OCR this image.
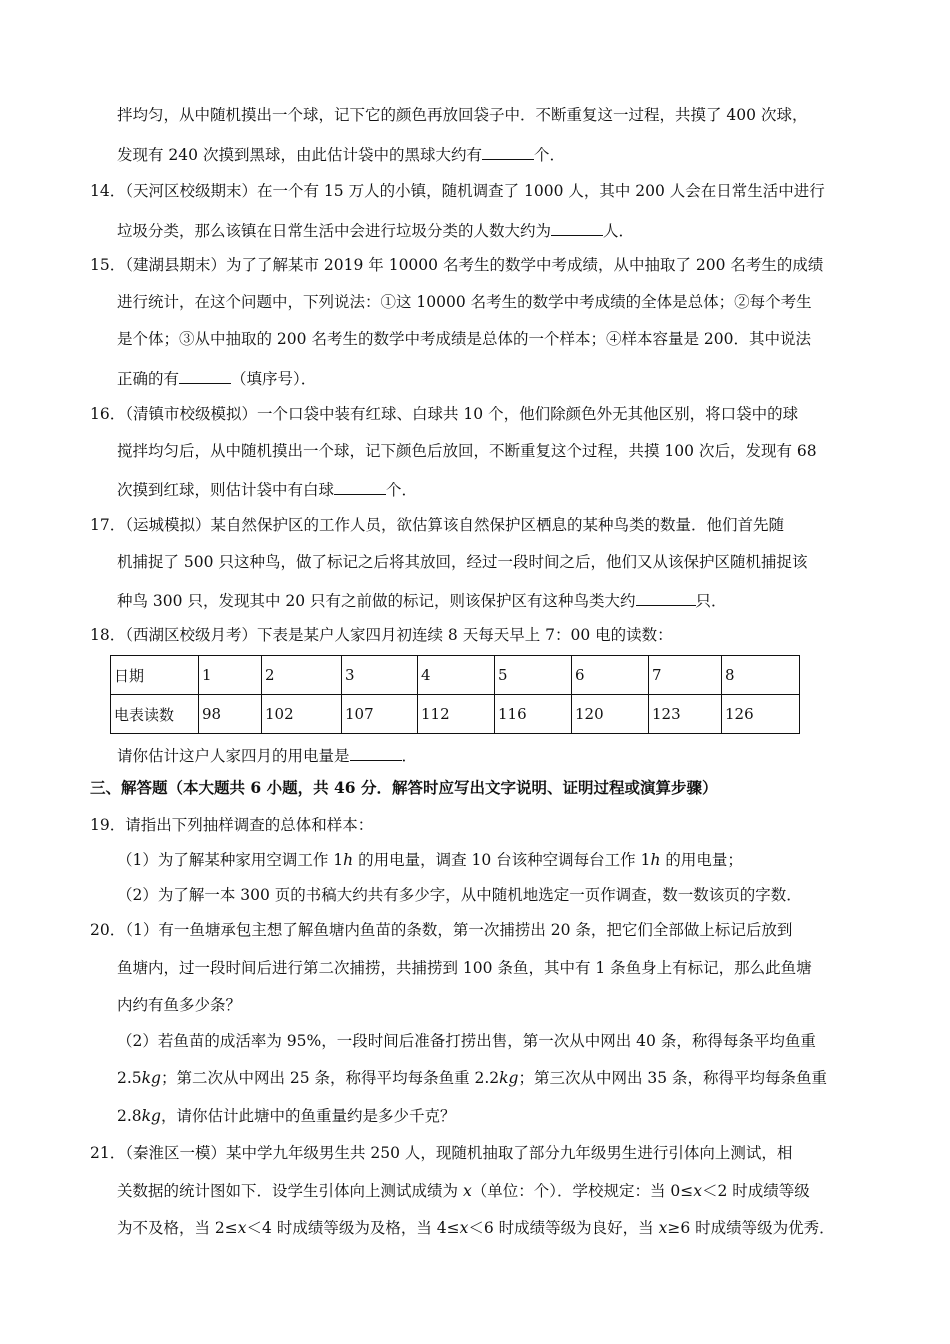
拌均匀，从中随机摸出一个球，记下它的颜色再放回袋子中．不断重复这一过程，共摸了 400 次球，
发现有 240 次摸到黑球，由此估计袋中的黑球大约有	个．
14．（天河区校级期末）在一个有 15 万人的小镇，随机调查了 1000 人，其中 200 人会在日常生活中进行
垃圾分类，那么该镇在日常生活中会进行垃圾分类的人数大约为	人．
15．（建湖县期末）为了了解某市 2019 年 10000 名考生的数学中考成绩，从中抽取了 200 名考生的成绩
进行统计，在这个问题中，下列说法：①这 10000 名考生的数学中考成绩的全体是总体；②每个考生
是个体；③从中抽取的 200 名考生的数学中考成绩是总体的一个样本；④样本容量是 200．其中说法
正确的有	（填序号）．
16．（清镇市校级模拟）一个口袋中装有红球、白球共 10 个，他们除颜色外无其他区别，将口袋中的球
搅拌均匀后，从中随机摸出一个球，记下颜色后放回，不断重复这个过程，共摸 100 次后，发现有 68
次摸到红球，则估计袋中有白球	个．
17．（运城模拟）某自然保护区的工作人员，欲估算该自然保护区栖息的某种鸟类的数量．他们首先随
机捕捉了 500 只这种鸟，做了标记之后将其放回，经过一段时间之后，他们又从该保护区随机捕捉该
种鸟 300 只，发现其中 20 只有之前做的标记，则该保护区有这种鸟类大约	只．
18．（西湖区校级月考）下表是某户人家四月初连续 8 天每天早上 7：00 电的读数：
日期	1	2	3	4	5	6	7	8
电表读数	98	102	107	112	116	120	123	126
请你估计这户人家四月的用电量是	．
三、解答题（本大题共 6 小题，共 46 分．解答时应写出文字说明、证明过程或演算步骤）
19．请指出下列抽样调查的总体和样本：
（1）为了解某种家用空调工作 1h 的用电量，调查 10 台该种空调每台工作 1h 的用电量；
（2）为了解一本 300 页的书稿大约共有多少字，从中随机地选定一页作调查，数一数该页的字数．
20．（1）有一鱼塘承包主想了解鱼塘内鱼苗的条数，第一次捕捞出 20 条，把它们全部做上标记后放到
鱼塘内，过一段时间后进行第二次捕捞，共捕捞到 100 条鱼，其中有 1 条鱼身上有标记，那么此鱼塘
内约有鱼多少条？
（2）若鱼苗的成活率为 95%，一段时间后准备打捞出售，第一次从中网出 40 条，称得每条平均鱼重
2.5kg；第二次从中网出 25 条，称得平均每条鱼重 2.2kg；第三次从中网出 35 条，称得平均每条鱼重
2.8kg，请你估计此塘中的鱼重量约是多少千克？
21．（秦淮区一模）某中学九年级男生共 250 人，现随机抽取了部分九年级男生进行引体向上测试，相
关数据的统计图如下．设学生引体向上测试成绩为 x（单位：个）．学校规定：当 0≤x＜2 时成绩等级
为不及格，当 2≤x＜4 时成绩等级为及格，当 4≤x＜6 时成绩等级为良好，当 x≥6 时成绩等级为优秀．
